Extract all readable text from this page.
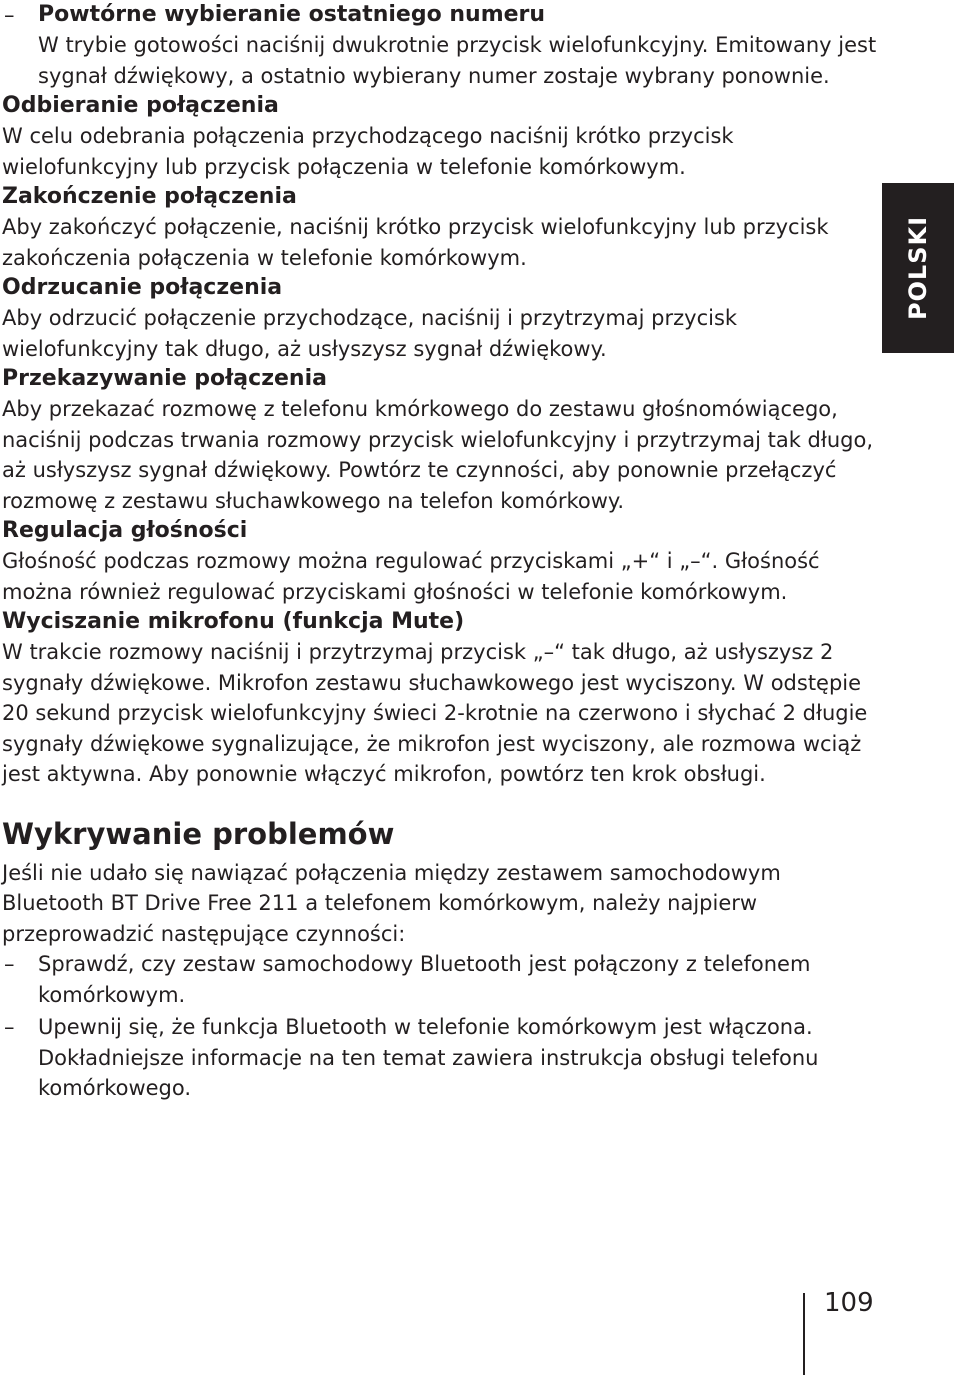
– Powtórne wybieranie ostatniego numeru

W trybie gotowości naciśnij dwukrotnie przycisk wielofunkcyjny. Emitowany jest sygnał dźwiękowy, a ostatnio wybierany numer zostaje wybrany ponownie.

Odbieranie połączenia

W celu odebrania połączenia przychodzącego naciśnij krótko przycisk wielofunkcyjny lub przycisk połączenia w telefonie komórkowym.

Zakończenie połączenia

Aby zakończyć połączenie, naciśnij krótko przycisk wielofunkcyjny lub przycisk zakończenia połączenia w telefonie komórkowym.

Odrzucanie połączenia

Aby odrzucić połączenie przychodzące, naciśnij i przytrzymaj przycisk wielofunkcyjny tak długo, aż usłyszysz sygnał dźwiękowy.

Przekazywanie połączenia

Aby przekazać rozmowę z telefonu kmórkowego do zestawu głośnomówiącego, naciśnij podczas trwania rozmowy przycisk wielofunkcyjny i przytrzymaj tak długo, aż usłyszysz sygnał dźwiękowy. Powtórz te czynności, aby ponownie przełączyć rozmowę z zestawu słuchawkowego na telefon komórkowy.

Regulacja głośności

Głośność podczas rozmowy można regulować przyciskami „+“ i „–“. Głośność można również regulować przyciskami głośności w telefonie komórkowym.

Wyciszanie mikrofonu (funkcja Mute)

W trakcie rozmowy naciśnij i przytrzymaj przycisk „–“ tak długo, aż usłyszysz 2 sygnały dźwiękowe. Mikrofon zestawu słuchawkowego jest wyciszony. W odstępie 20 sekund przycisk wielofunkcyjny świeci 2-krotnie na czerwono i słychać 2 długie sygnały dźwiękowe sygnalizujące, że mikrofon jest wyciszony, ale rozmowa wciąż jest aktywna. Aby ponownie włączyć mikrofon, powtórz ten krok obsługi.

Wykrywanie problemów

Jeśli nie udało się nawiązać połączenia między zestawem samochodowym Bluetooth BT Drive Free 211 a telefonem komórkowym, należy najpierw przeprowadzić następujące czynności:

– Sprawdź, czy zestaw samochodowy Bluetooth jest połączony z telefonem komórkowym.

– Upewnij się, że funkcja Bluetooth w telefonie komórkowym jest włączona. Dokładniejsze informacje na ten temat zawiera instrukcja obsługi telefonu komórkowego.

POLSKI
109
